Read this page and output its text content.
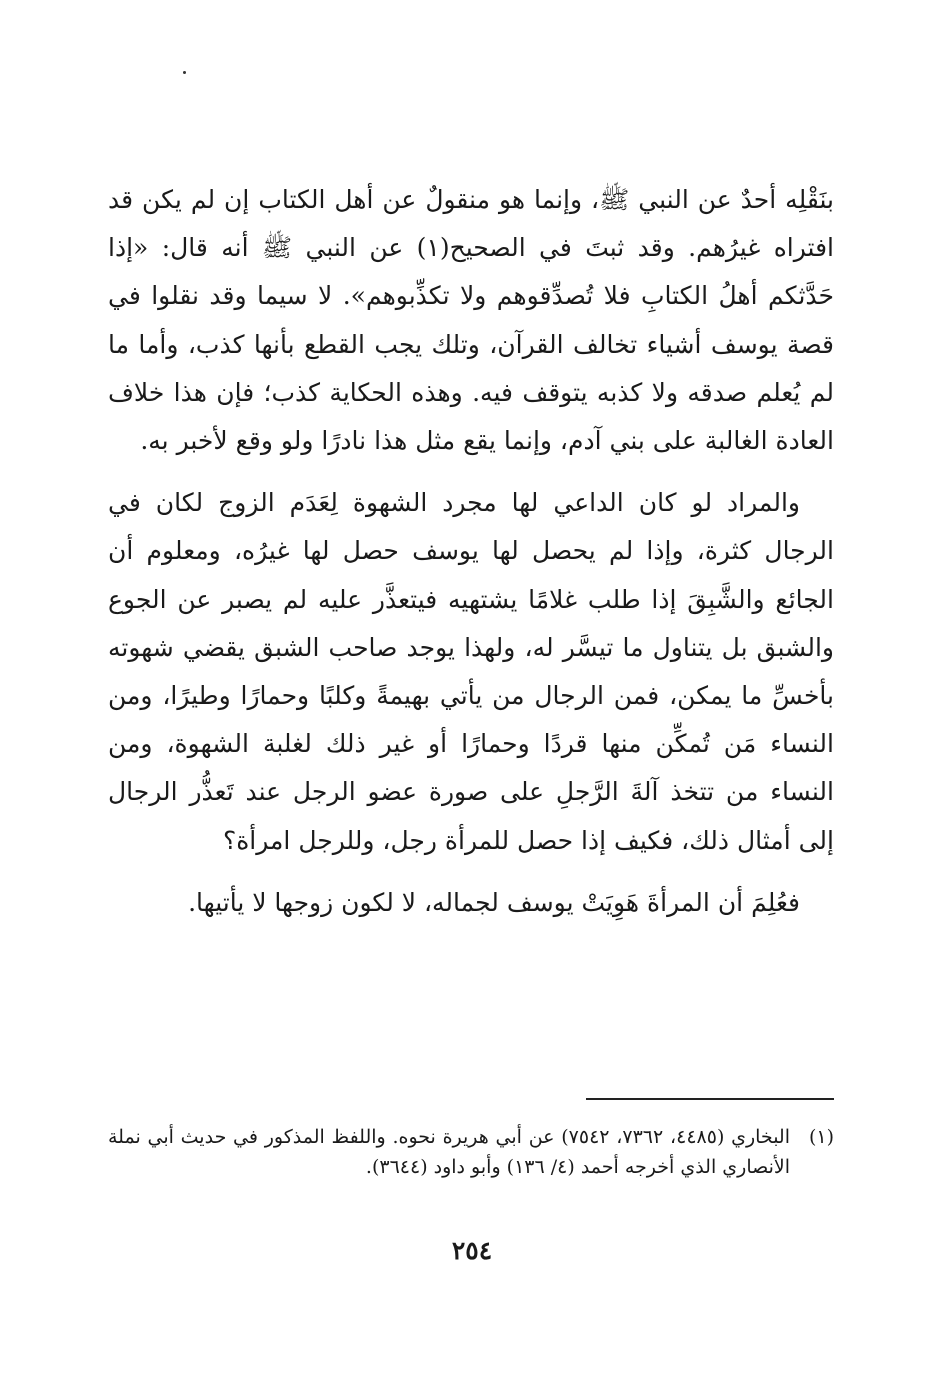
بنَقْلِه أحدٌ عن النبي ﷺ، وإنما هو منقولٌ عن أهل الكتاب إن لم يكن قد افتراه غيرُهم. وقد ثبتَ في الصحيح(١) عن النبي ﷺ أنه قال: «إذا حَدَّثكم أهلُ الكتابِ فلا تُصدِّقوهم ولا تكذِّبوهم». لا سيما وقد نقلوا في قصة يوسف أشياء تخالف القرآن، وتلك يجب القطع بأنها كذب، وأما ما لم يُعلم صدقه ولا كذبه يتوقف فيه. وهذه الحكاية كذب؛ فإن هذا خلاف العادة الغالبة على بني آدم، وإنما يقع مثل هذا نادرًا ولو وقع لأخبر به.

والمراد لو كان الداعي لها مجرد الشهوة لِعَدَم الزوج لكان في الرجال كثرة، وإذا لم يحصل لها يوسف حصل لها غيرُه، ومعلوم أن الجائع والشَّبِقَ إذا طلب غلامًا يشتهيه فيتعذَّر عليه لم يصبر عن الجوع والشبق بل يتناول ما تيسَّر له، ولهذا يوجد صاحب الشبق يقضي شهوته بأخسِّ ما يمكن، فمن الرجال من يأتي بهيمةً وكلبًا وحمارًا وطيرًا، ومن النساء مَن تُمكِّن منها قردًا وحمارًا أو غير ذلك لغلبة الشهوة، ومن النساء من تتخذ آلةَ الرَّجلِ على صورة عضو الرجل عند تَعذُّر الرجال إلى أمثال ذلك، فكيف إذا حصل للمرأة رجل، وللرجل امرأة؟

فعُلِمَ أن المرأةَ هَوِيَتْ يوسف لجماله، لا لكون زوجها لا يأتيها.

(١)
البخاري (٤٤٨٥، ٧٣٦٢، ٧٥٤٢) عن أبي هريرة نحوه. واللفظ المذكور في حديث أبي نملة الأنصاري الذي أخرجه أحمد (٤/ ١٣٦) وأبو داود (٣٦٤٤).
٢٥٤
